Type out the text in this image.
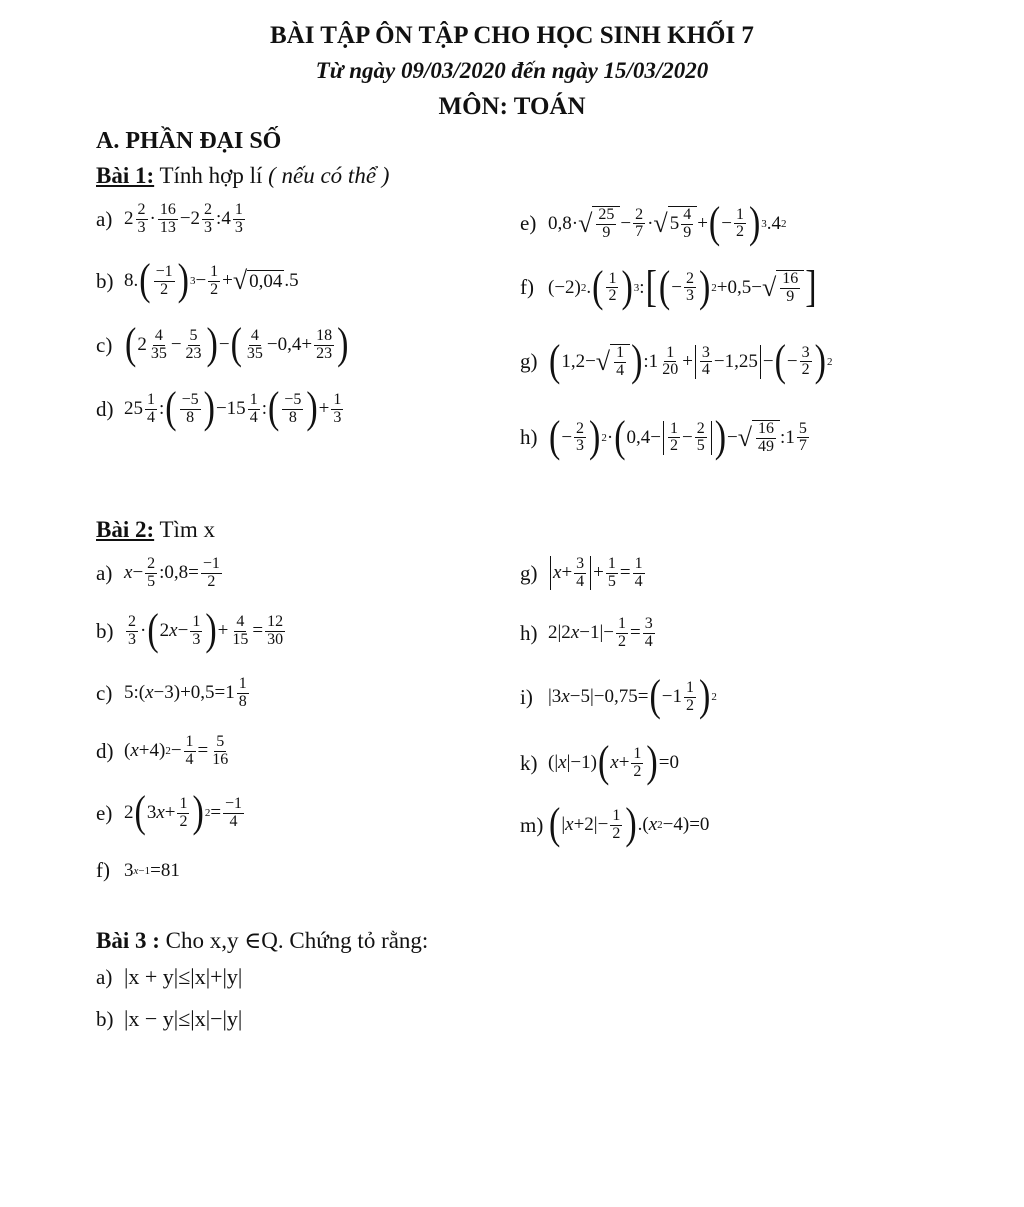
BÀI TẬP ÔN TẬP CHO HỌC SINH KHỐI 7
Từ ngày 09/03/2020 đến ngày 15/03/2020
MÔN: TOÁN
A. PHẦN ĐẠI SỐ
Bài 1: Tính hợp lí ( nếu có thể )
a) 2 2
3 · 16
13 −2 2
3 :4 1
3
b) 8. ( −1
2 ) 3 − 1
2 + √ 0,04 .5
c) ( 2 4
35 − 5
23 ) − ( 4
35 −0,4+ 18
23 )
d) 25 1
4 : ( −5
8 ) −15 1
4 : ( −5
8 ) + 1
3
e) 0,8· √ 25
9 − 2
7 · √ 5 4
9 + ( − 1
2 ) 3 .4 2
f) (−2) 2 . ( 1
2 ) 3 : [ ( − 2
3 ) 2 +0,5− √ 16
9 ]
g) ( 1,2− √ 1
4 ) :1 1
20 + 3
4 −1,25 − ( − 3
2 ) 2
h) ( − 2
3 ) 2 · ( 0,4− 1
2 − 2
5 ) − √ 16
49 :1 5
7
Bài 2: Tìm x
a) x − 2
5 :0,8= −1
2
b) 2
3 · ( 2 x − 1
3 ) + 4
15 = 12
30
c) 5:( x −3)+0,5=1 1
8
d) ( x +4) 2 − 1
4 = 5
16
e) 2 ( 3 x + 1
2 ) 2 = −1
4
f) 3 x−1 =81
g) x + 3
4 + 1
5 = 1
4
h) 2|2 x −1|− 1
2 = 3
4
i) |3 x −5|−0,75= ( −1 1
2 ) 2
k) (| x |−1) ( x + 1
2 ) =0
m) ( | x +2|− 1
2 ) .( x 2 −4)=0
Bài 3 : Cho x,y ∈Q. Chứng tỏ rằng:
a) |x + y|≤|x|+|y|
b) |x − y|≤|x|−|y|
